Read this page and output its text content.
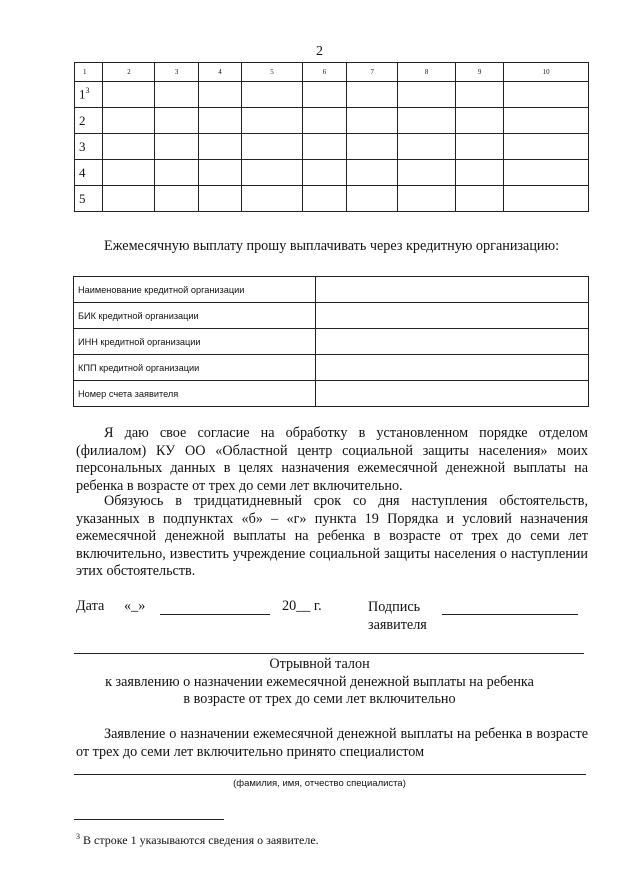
2
1	2	3	4	5	6	7	8	9	10
$1^3$									
2									
3									
4									
5									
Ежемесячную выплату прошу выплачивать через кредитную организацию:
Наименование кредитной организации	
БИК кредитной организации	
ИНН кредитной организации	
КПП кредитной организации	
Номер счета заявителя	
Я даю свое согласие на обработку в установленном порядке отделом (филиалом) КУ ОО «Областной центр социальной защиты населения» моих персональных данных в целях назначения ежемесячной денежной выплаты на ребенка в возрасте от трех до семи лет включительно.
Обязуюсь в тридцатидневный срок со дня наступления обстоятельств, указанных в подпунктах «б» – «г» пункта 19 Порядка и условий назначения ежемесячной денежной выплаты на ребенка в возрасте от трех до семи лет включительно, известить учреждение социальной защиты населения о наступлении этих обстоятельств.
Дата «_»	20__ г.	Подпись
заявителя
Отрывной талон
к заявлению о назначении ежемесячной денежной выплаты на ребенка
в возрасте от трех до семи лет включительно
Заявление о назначении ежемесячной денежной выплаты на ребенка в возрасте от трех до семи лет включительно принято специалистом
(фамилия, имя, отчество специалиста)
$^3$ В строке 1 указываются сведения о заявителе.
